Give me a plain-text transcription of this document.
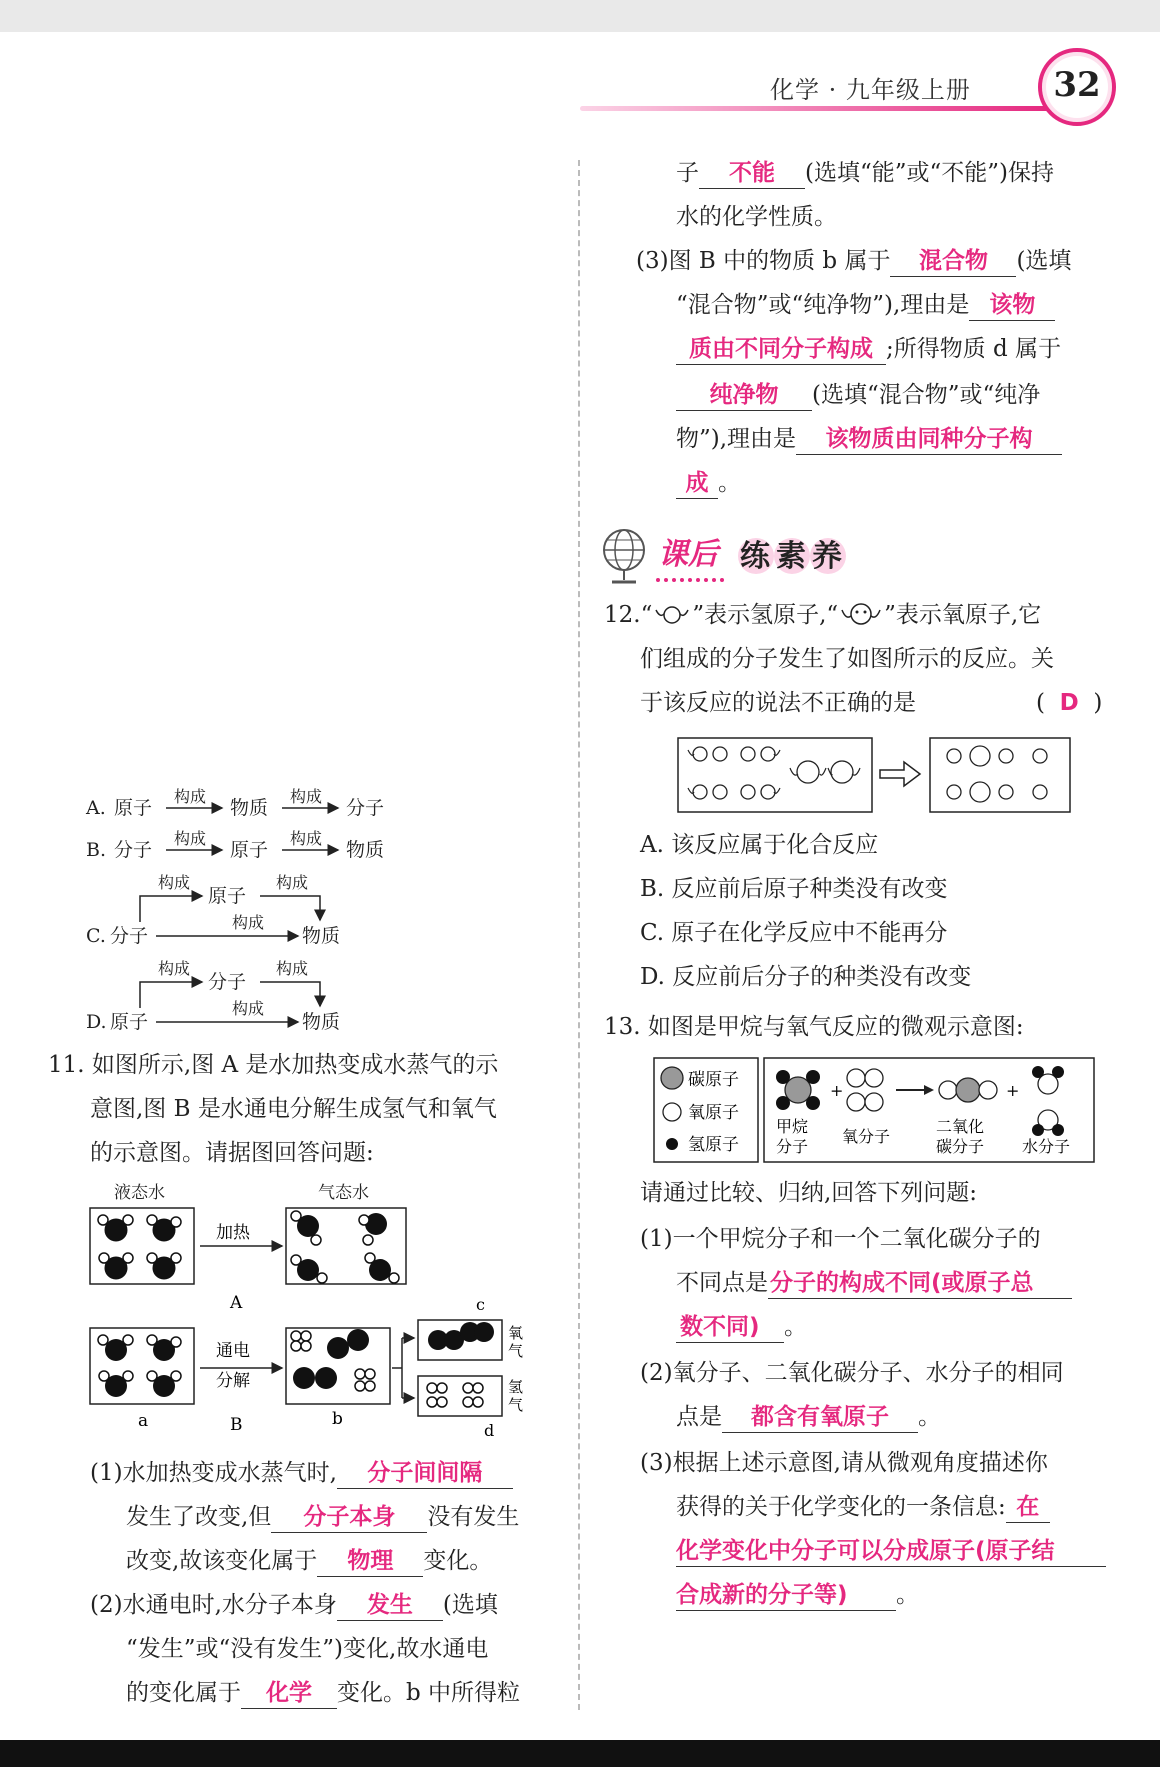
化学 · 九年级上册	32
A. 原子
构成
物质
构成
分子
B. 分子
构成
原子
构成
物质
C. 分子
构成
原子
构成
构成
物质
D. 原子
构成
分子
构成
构成
物质
11. 如图所示,图 A 是水加热变成水蒸气的示
意图,图 B 是水通电分解生成氢气和氧气
的示意图。请据图回答问题:
液态水	气态水
加热
A
a
通电
分解
B	b
c
氧
气
氢
气
d
(1)水加热变成水蒸气时, 分子间间隔
发生了改变,但 分子本身 没有发生
改变,故该变化属于 物理 变化。
(2)水通电时,水分子本身 发生 (选填
“发生”或“没有发生”)变化,故水通电
的变化属于 化学 变化。b 中所得粒
子 不能 (选填“能”或“不能”)保持
水的化学性质。
(3)图 B 中的物质 b 属于 混合物 (选填
“混合物”或“纯净物”),理由是 该物
质由不同分子构成 ;所得物质 d 属于
纯净物 (选填“混合物”或“纯净
物”),理由是 该物质由同种分子构
成 。
课后 练素养
12.“ ”表示氢原子,“ ”表示氧原子,它
们组成的分子发生了如图所示的反应。关
于该反应的说法不正确的是	(  D  )
A. 该反应属于化合反应
B. 反应前后原子种类没有改变
C. 原子在化学反应中不能再分
D. 反应前后分子的种类没有改变
13. 如图是甲烷与氧气反应的微观示意图:
碳原子
氧原子
氢原子
+	+
甲烷
分子
氧分子
二氧化
碳分子 水分子
请通过比较、归纳,回答下列问题:
(1)一个甲烷分子和一个二氧化碳分子的
不同点是分子的构成不同(或原子总
数不同) 。
(2)氧分子、二氧化碳分子、水分子的相同
点是 都含有氧原子 。
(3)根据上述示意图,请从微观角度描述你
获得的关于化学变化的一条信息: 在
化学变化中分子可以分成原子(原子结
合成新的分子等) 。
